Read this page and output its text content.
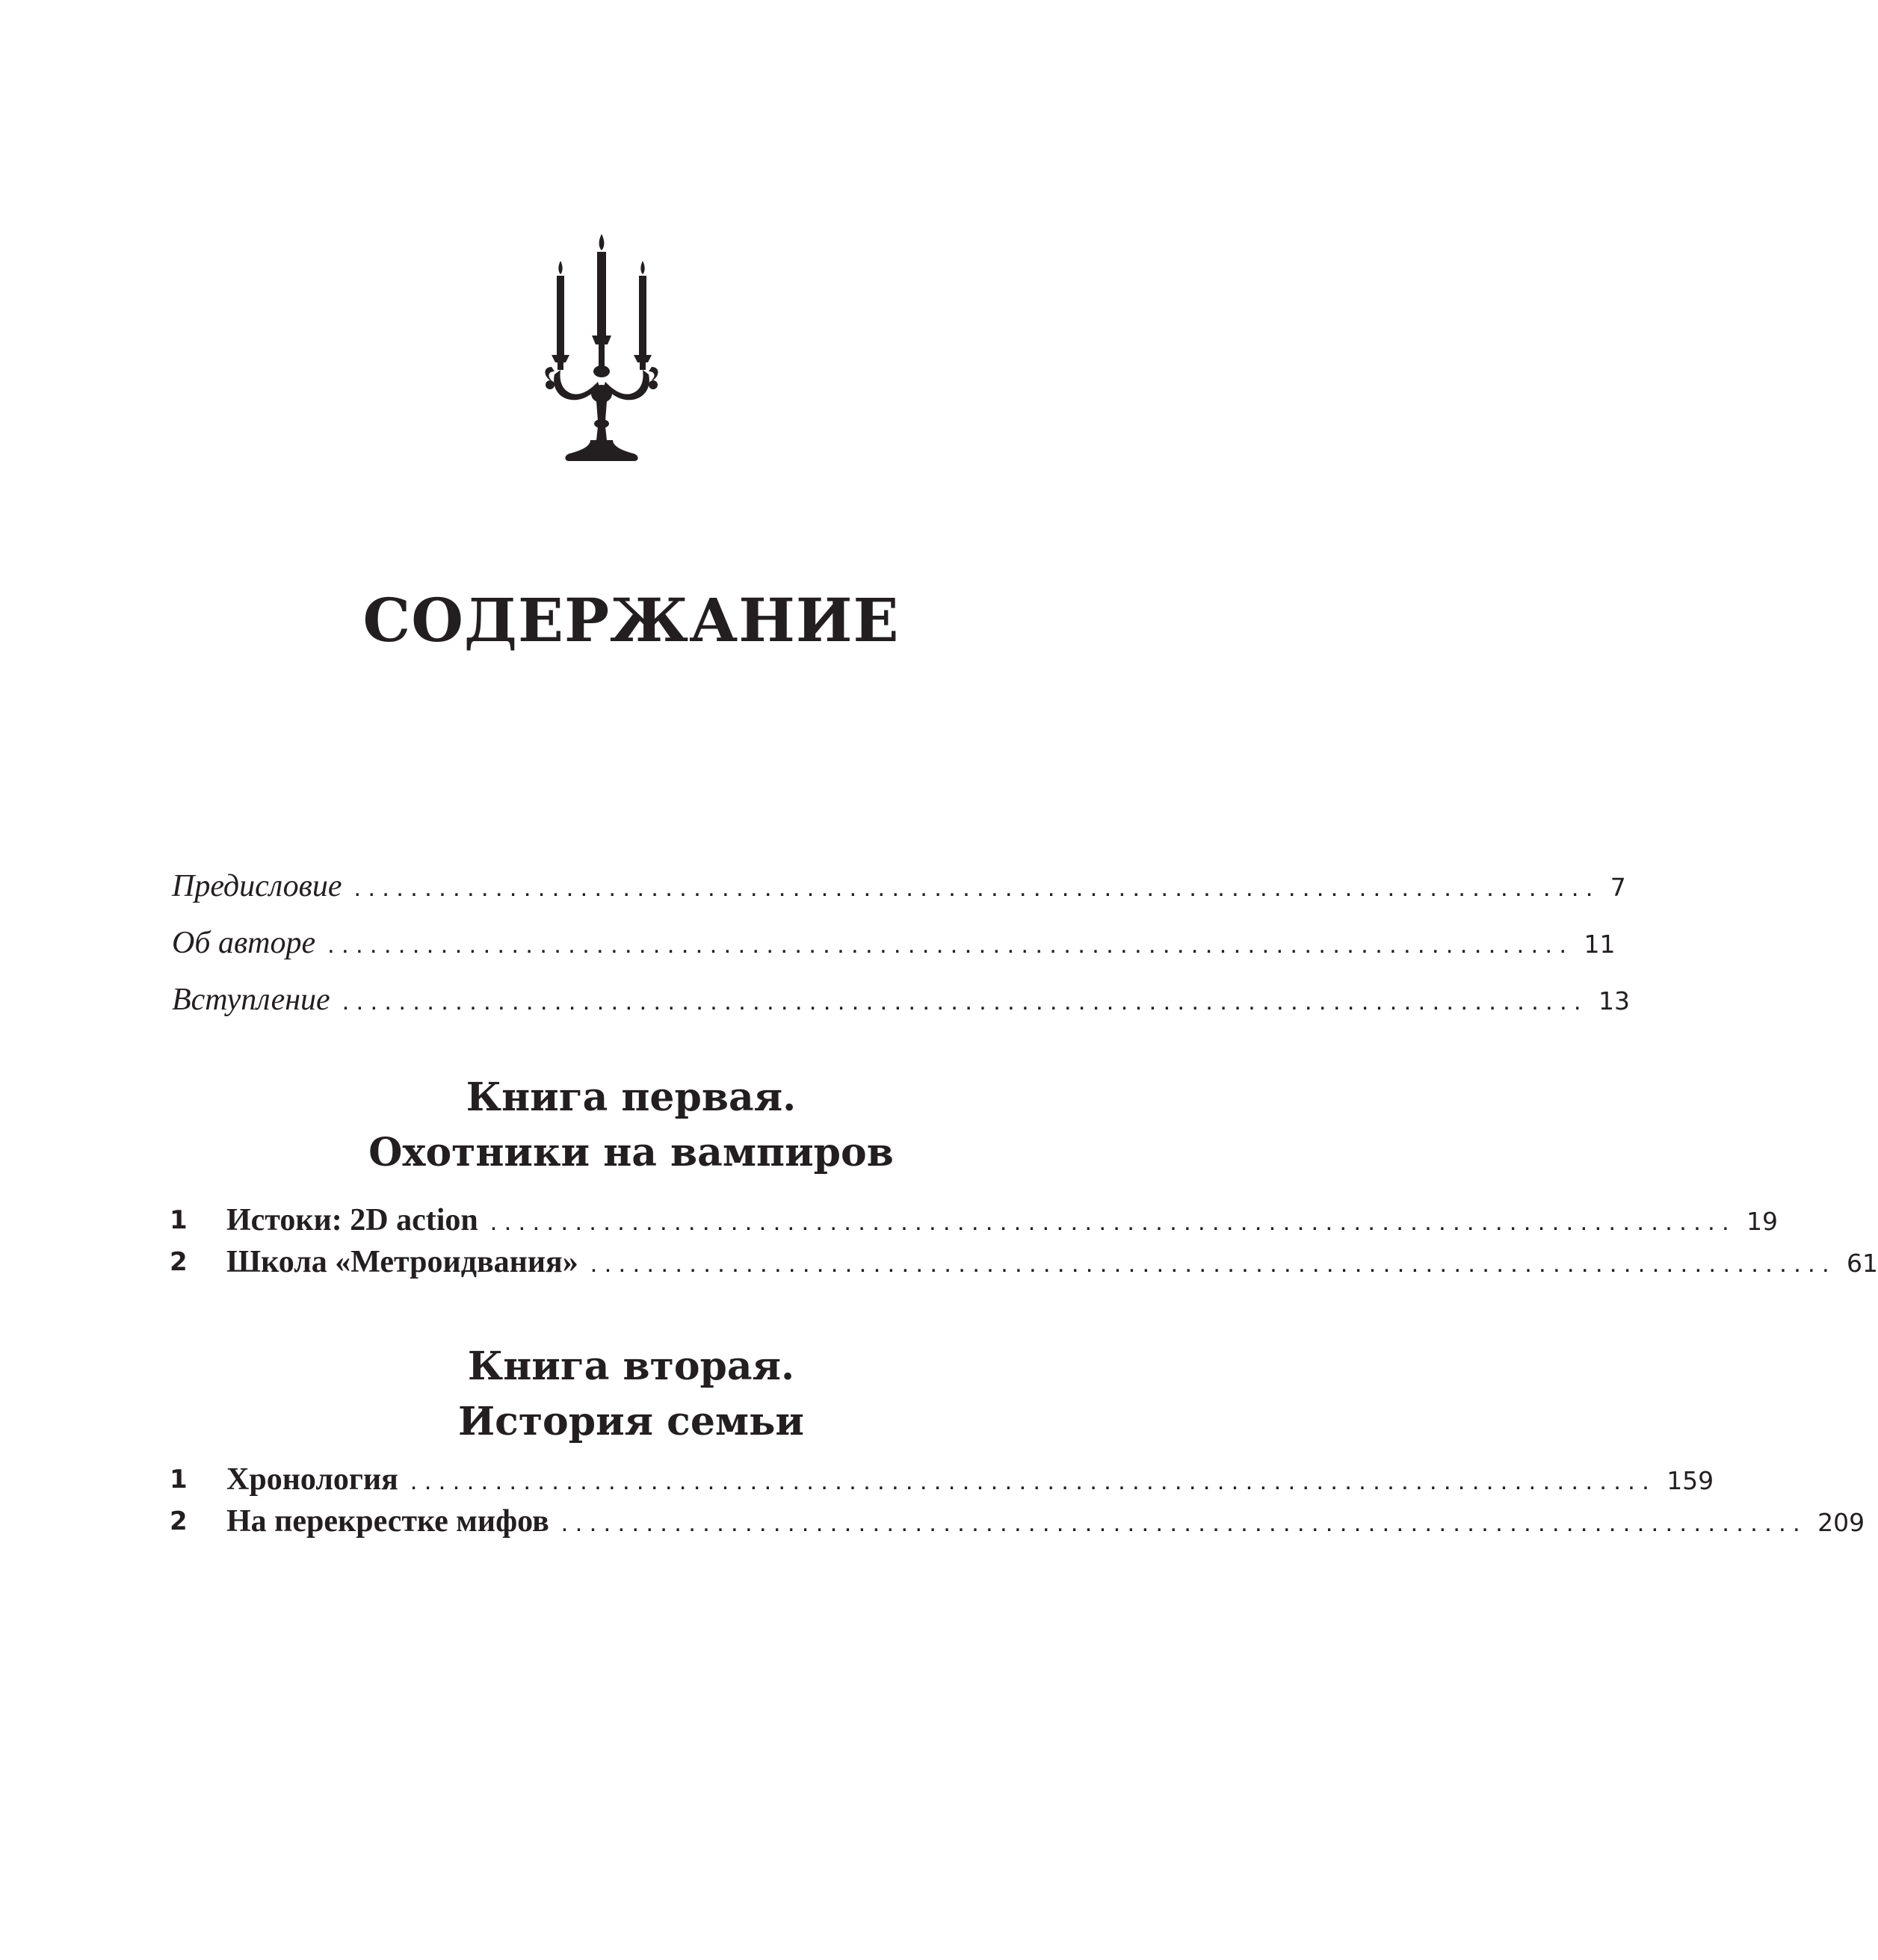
СОДЕРЖАНИЕ
Предисловие ........................................................................................ 7
Об авторе ........................................................................................ 11
Вступление ........................................................................................ 13
Книга первая.
Охотники на вампиров
1	Истоки: 2D action ........................................................................................ 19
2	Школа «Метроидвания» ........................................................................................ 61
Книга вторая.
История семьи
1	Хронология ........................................................................................ 159
2	На перекрестке мифов ........................................................................................ 209
